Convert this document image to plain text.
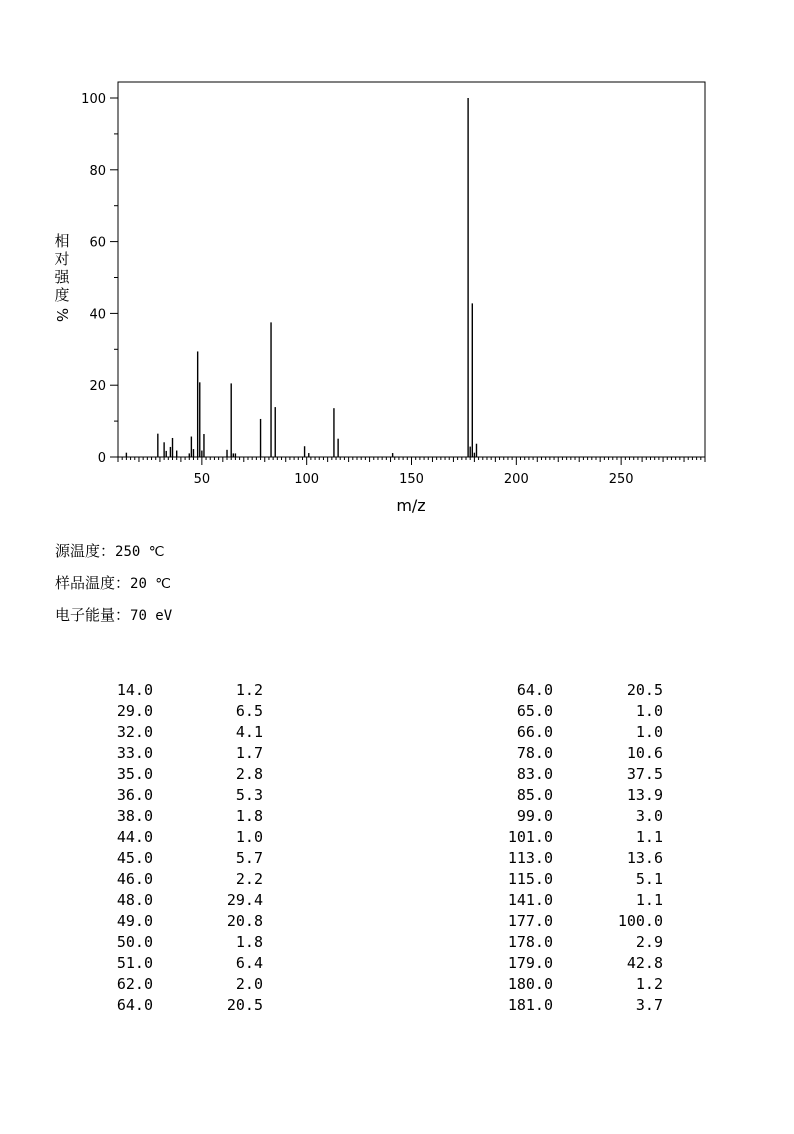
0
20
40
60
80
100
50	100	150	200	250
m/z
相
对
强
度
%
源温度：250 ℃
样品温度：20 ℃
电子能量：70 eV
14.0	1.2
29.0	6.5
32.0	4.1
33.0	1.7
35.0	2.8
36.0	5.3
38.0	1.8
44.0	1.0
45.0	5.7
46.0	2.2
48.0	29.4
49.0	20.8
50.0	1.8
51.0	6.4
62.0	2.0
64.0	20.5
64.0	20.5
65.0	1.0
66.0	1.0
78.0	10.6
83.0	37.5
85.0	13.9
99.0	3.0
101.0	1.1
113.0	13.6
115.0	5.1
141.0	1.1
177.0	100.0
178.0	2.9
179.0	42.8
180.0	1.2
181.0	3.7
